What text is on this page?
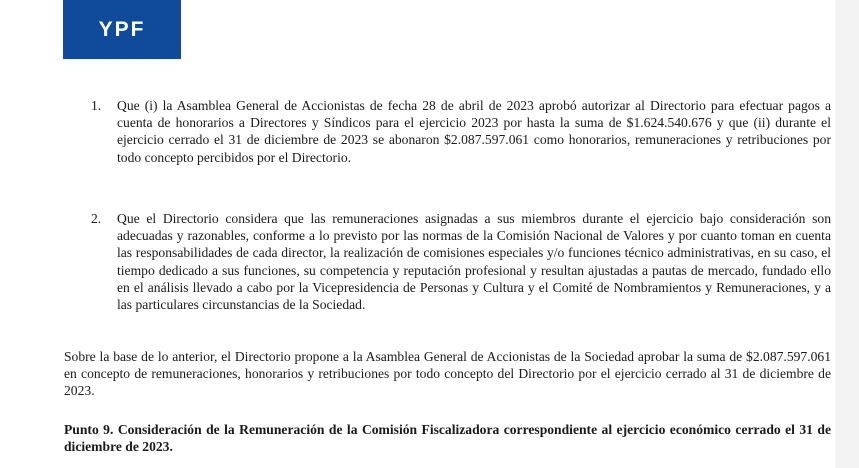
YPF
1. Que (i) la Asamblea General de Accionistas de fecha 28 de abril de 2023 aprobó autorizar al Directorio para efectuar pagos a cuenta de honorarios a Directores y Síndicos para el ejercicio 2023 por hasta la suma de $1.624.540.676 y que (ii) durante el ejercicio cerrado el 31 de diciembre de 2023 se abonaron $2.087.597.061 como honorarios, remuneraciones y retribuciones por todo concepto percibidos por el Directorio.
2. Que el Directorio considera que las remuneraciones asignadas a sus miembros durante el ejercicio bajo consideración son adecuadas y razonables, conforme a lo previsto por las normas de la Comisión Nacional de Valores y por cuanto toman en cuenta las responsabilidades de cada director, la realización de comisiones especiales y/o funciones técnico administrativas, en su caso, el tiempo dedicado a sus funciones, su competencia y reputación profesional y resultan ajustadas a pautas de mercado, fundado ello en el análisis llevado a cabo por la Vicepresidencia de Personas y Cultura y el Comité de Nombramientos y Remuneraciones, y a las particulares circunstancias de la Sociedad.
Sobre la base de lo anterior, el Directorio propone a la Asamblea General de Accionistas de la Sociedad aprobar la suma de $2.087.597.061 en concepto de remuneraciones, honorarios y retribuciones por todo concepto del Directorio por el ejercicio cerrado al 31 de diciembre de 2023.
Punto 9. Consideración de la Remuneración de la Comisión Fiscalizadora correspondiente al ejercicio económico cerrado el 31 de diciembre de 2023.
